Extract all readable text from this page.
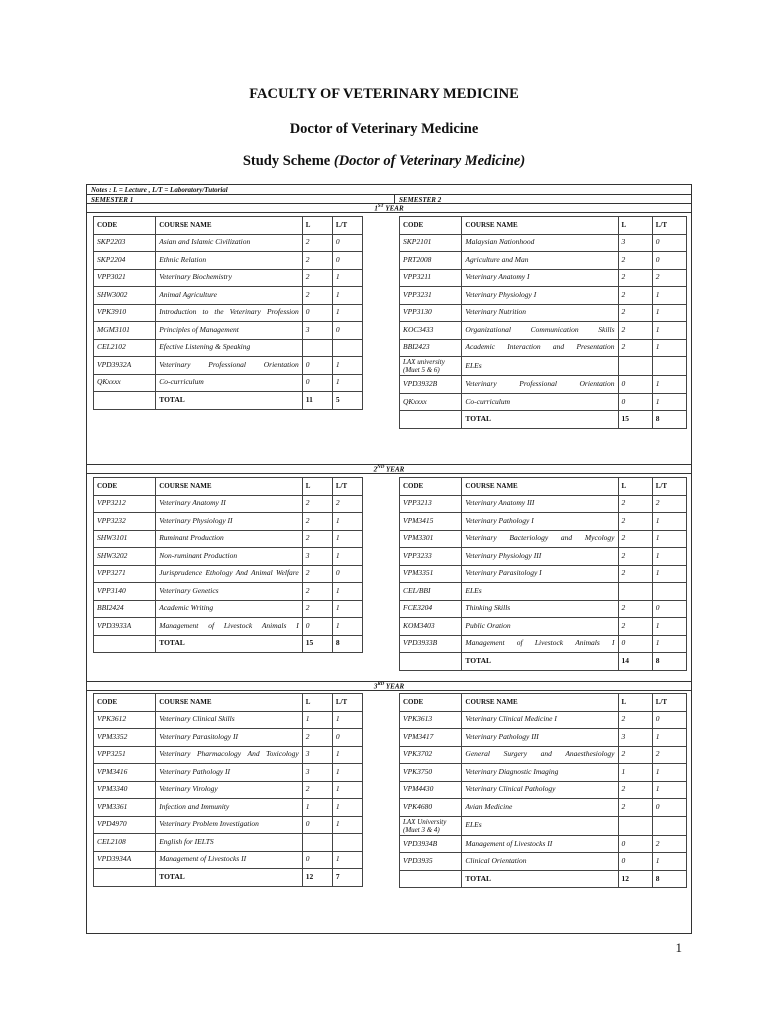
FACULTY OF VETERINARY MEDICINE
Doctor of Veterinary Medicine
Study Scheme (Doctor of Veterinary Medicine)
Notes : L = Lecture , L/T = Laboratory/Tutorial
SEMESTER 1	SEMESTER 2
1ST YEAR
CODE	COURSE NAME	L	L/T
SKP2203	Asian and Islamic Civilization	2	0
SKP2204	Ethnic Relation	2	0
VPP3021	Veterinary Biochemistry	2	1
SHW3002	Animal Agriculture	2	1
VPK3910	Introduction to the Veterinary Profession	0	1
MGM3101	Principles of Management	3	0
CEL2102	Efective Listening & Speaking		
VPD3932A	Veterinary Professional Orientation	0	1
QKxxxx	Co-curriculum	0	1
	TOTAL	11	5
CODE	COURSE NAME	L	L/T
SKP2101	Malaysian Nationhood	3	0
PRT2008	Agriculture and Man	2	0
VPP3211	Veterinary Anatomy I	2	2
VPP3231	Veterinary Physiology I	2	1
VPP3130	Veterinary Nutrition	2	1
KOC3433	Organizational Communication Skills	2	1
BBI2423	Academic Interaction and Presentation	2	1
LAX university (Muet 5 & 6)	ELEs		
VPD3932B	Veterinary Professional Orientation	0	1
QKxxxx	Co-curriculum	0	1
	TOTAL	15	8
2ND YEAR
CODE	COURSE NAME	L	L/T
VPP3212	Veterinary Anatomy II	2	2
VPP3232	Veterinary Physiology II	2	1
SHW3101	Ruminant Production	2	1
SHW3202	Non-ruminant Production	3	1
VPP3271	Jurisprudence Ethology And Animal Welfare	2	0
VPP3140	Veterinary Genetics	2	1
BBI2424	Academic Writing	2	1
VPD3933A	Management of Livestock Animals I	0	1
	TOTAL	15	8
CODE	COURSE NAME	L	L/T
VPP3213	Veterinary Anatomy III	2	2
VPM3415	Veterinary Pathology I	2	1
VPM3301	Veterinary Bacteriology and Mycology	2	1
VPP3233	Veterinary Physiology III	2	1
VPM3351	Veterinary Parasitology I	2	1
CEL/BBI	ELEs		
FCE3204	Thinking Skills	2	0
KOM3403	Public Oration	2	1
VPD3933B	Management of Livestock Animals I	0	1
	TOTAL	14	8
3RD YEAR
CODE	COURSE NAME	L	L/T
VPK3612	Veterinary Clinical Skills	1	1
VPM3352	Veterinary Parasitology II	2	0
VPP3251	Veterinary Pharmacology And Toxicology	3	1
VPM3416	Veterinary Pathology II	3	1
VPM3340	Veterinary Virology	2	1
VPM3361	Infection and Immunity	1	1
VPD4970	Veterinary Problem Investigation	0	1
CEL2108	English for IELTS		
VPD3934A	Management of Livestocks II	0	1
	TOTAL	12	7
CODE	COURSE NAME	L	L/T
VPK3613	Veterinary Clinical Medicine I	2	0
VPM3417	Veterinary Pathology III	3	1
VPK3702	General Surgery and Anaesthesiology	2	2
VPK3750	Veterinary Diagnostic Imaging	1	1
VPM4430	Veterinary Clinical Pathology	2	1
VPK4680	Avian Medicine	2	0
LAX University (Muet 3 & 4)	ELEs		
VPD3934B	Management of Livestocks II	0	2
VPD3935	Clinical Orientation	0	1
	TOTAL	12	8
1
